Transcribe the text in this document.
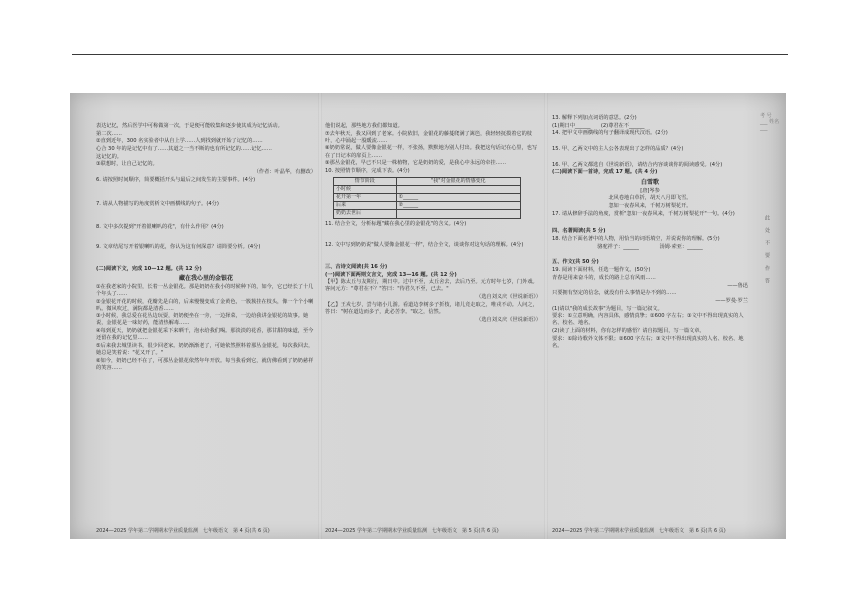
表达记忆，然后医学中可称做第一次，于是便可能收集和逐步使其成为记忆活动。

第二次……

②直到近年，300 名实验者中从自上学……人到找到就开始了记忆的……

心合 30 年的是记忆中有了……其道之一当不断的也有所记忆的……记忆……

这记忆的。

③联想时，让自己记忆的。

（作者：叶晶华，有删改）

6. 请按照时间顺序，简要概括开头与最后之间发生的主要事件。(4分)

7. 请从人物描写的角度赏析文中画横线的句子。(4分)

8. 文中多次提到"开着银喇叭的花"，有什么作用？(4分)

9. 文章结尾写开着银喇叭的花，你认为这有何深意？请简要分析。(4分)

(二)阅读下文，完成 10—12 题。(共 12 分)

藏在我心里的金银花

①在我老家的小院里，长着一丛金银花。那是奶奶在我小的时候种下的，如今，它已经长了十几个年头了……

②金银花开花的时候，花瓣先是白的，后来慢慢变成了金黄色，一簇簇挂在枝头，像一个个小喇叭。微风吹过，满院都是清香……

③小时候，我总爱在花丛边玩耍，奶奶便坐在一旁，一边择菜，一边给我讲金银花的故事。她说，金银花是一味好药，能清热解毒……

④每到夏天，奶奶就把金银花采下来晒干，泡水给我们喝。那淡淡的花香，那甘甜的味道，至今还留在我的记忆里……

⑤后来我去城里读书，很少回老家。奶奶渐渐老了，可她依然照料着那丛金银花，每次我回去，她总是笑着说："花又开了。"

⑥如今，奶奶已经不在了，可那丛金银花依然年年开放。每当我看到它，就仿佛看到了奶奶慈祥的笑容……

2024—2025 学年第二学期期末学业质量监测　七年级语文　第 4 页(共 6 页)

他们说起，那些地方我们都知道。

⑦去年秋天，我又回到了老家。小院依旧，金银花的藤蔓爬满了篱笆，我轻轻抚摸着它的枝叶，心中涌起一股暖流……

⑧奶奶常说，做人要像金银花一样，不张扬，默默地为别人付出。我把这句话记在心里，也写在了日记本的扉页上……

⑨那丛金银花，早已不只是一株植物，它是奶奶的爱，是我心中永远的牵挂……

10. 按照情节顺序，完成下表。(4分)

情节阶段	"我"对金银花的情感变化
小时候	
花开第一年	①______
后来	②______
奶奶去世后	

11. 结合全文，分析标题"藏在我心里的金银花"的含义。(4分)

12. 文中写到奶奶说"做人要像金银花一样"，结合全文，谈谈你对这句话的理解。(4分)

三、古诗文阅读(共 16 分)

(一)阅读下面两则文言文，完成 13—16 题。(共 12 分)

【甲】陈太丘与友期行，期日中。过中不至，太丘舍去，去后乃至。元方时年七岁，门外戏。客问元方："尊君在不？"答曰："待君久不至，已去。"

（选自刘义庆《世说新语》）

【乙】王戎七岁，尝与诸小儿游。看道边李树多子折枝，诸儿竞走取之，唯戎不动。人问之，答曰："树在道边而多子，此必苦李。"取之，信然。

（选自刘义庆《世说新语》）

2024—2025 学年第二学期期末学业质量监测　七年级语文　第 5 页(共 6 页)

13. 解释下列加点词语的意思。(2分)

(1)期日中______　　(2)尊君在不______

14. 把甲文中画横线的句子翻译成现代汉语。(2分)

15. 甲、乙两文中的主人公各表现出了怎样的品质？(4分)

16. 甲、乙两文都选自《世说新语》，请结合内容谈谈你的阅读感受。(4分)

(二)阅读下面一首诗，完成 17 题。(共 4 分)

白雪歌

[唐]岑参

北风卷地白草折，胡天八月即飞雪。

忽如一夜春风来，千树万树梨花开。

17. 请从修辞手法的角度，赏析"忽如一夜春风来，千树万树梨花开"一句。(4分)

四、名著阅读(共 5 分)

18. 结合下面名著中的人物，用恰当的词语填空，并说说你的理解。(5分)

骆驼祥子：______　　　　汤姆·索亚：______

五、作文(共 50 分)

19. 阅读下面材料，任选一题作文。(50分)

青春是用来奋斗的，成长的路上总有风雨……

——鲁迅

只要拥有坚定的信念，就没有什么事情是办不到的……

——罗曼·罗兰

(1)请以"我的成长故事"为题目，写一篇记叙文。

要求：①立意明确，内容具体，感情真挚；②600 字左右；③文中不得出现真实的人名、校名、地名。

(2)读了上面的材料，你有怎样的感悟？请自拟题目，写一篇文章。

要求：①除诗歌外文体不限；②600 字左右；③文中不得出现真实的人名、校名、地名。

2024—2025 学年第二学期期末学业质量监测　七年级语文　第 6 页(共 6 页)
考 号 ___ 姓名 ___
此 处 不 要 作 答
